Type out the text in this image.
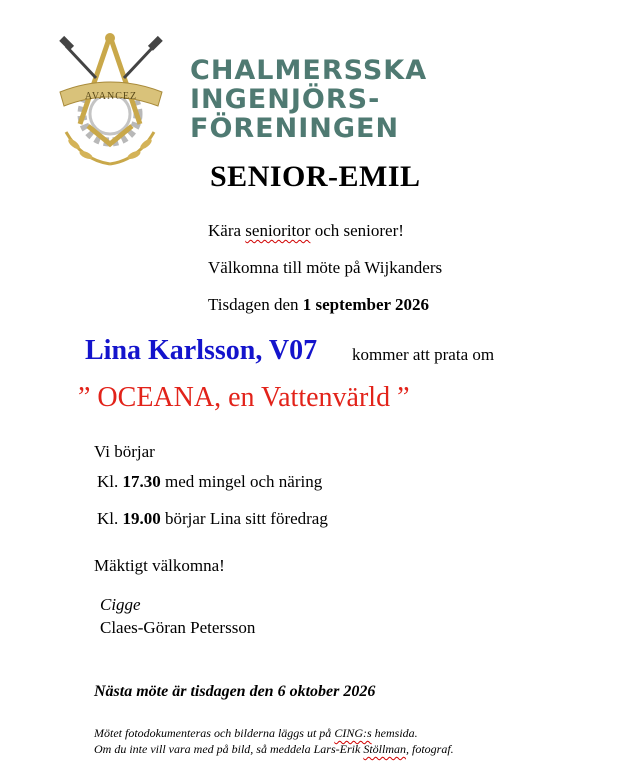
AVANCEZ
CHALMERSSKA
INGENJÖRS-
FÖRENINGEN
SENIOR-EMIL
Kära senioritor och seniorer!
Välkomna till möte på Wijkanders
Tisdagen den 1 september 2026
Lina Karlsson, V07 kommer att prata om
” OCEANA, en Vattenvärld ”
Vi börjar
Kl. 17.30 med mingel och näring
Kl. 19.00 börjar Lina sitt föredrag
Mäktigt välkomna!
Cigge
Claes-Göran Petersson
Nästa möte är tisdagen den 6 oktober 2026
Mötet fotodokumenteras och bilderna läggs ut på CING:s hemsida.
Om du inte vill vara med på bild, så meddela Lars-Erik Stöllman, fotograf.
